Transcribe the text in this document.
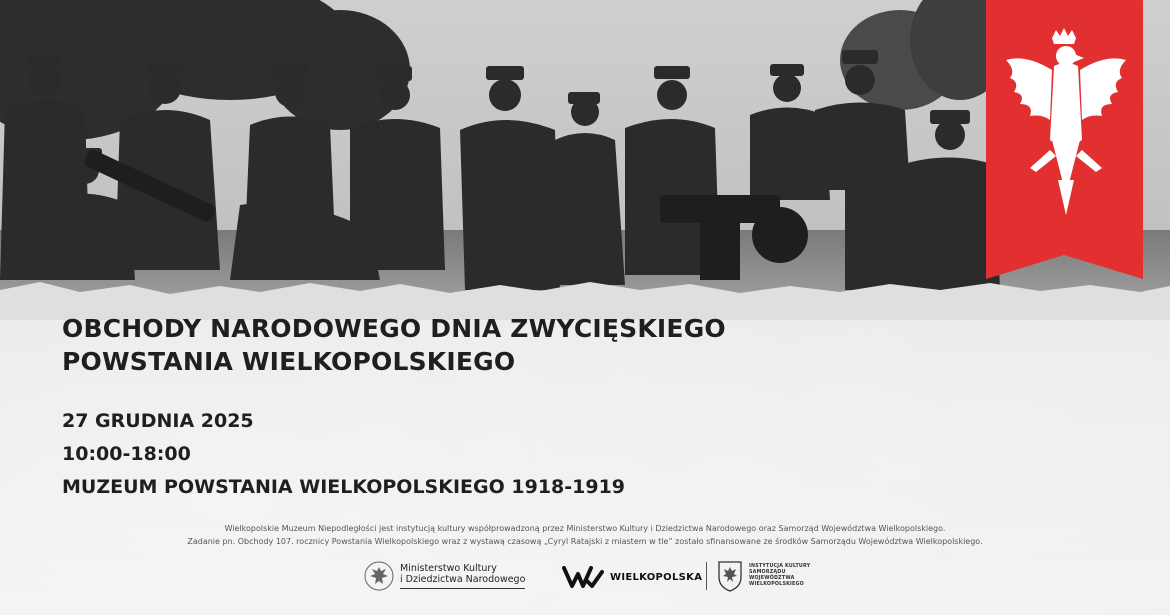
OBCHODY NARODOWEGO DNIA ZWYCIĘSKIEGO
POWSTANIA WIELKOPOLSKIEGO
27 GRUDNIA 2025
10:00-18:00
MUZEUM POWSTANIA WIELKOPOLSKIEGO 1918-1919
Wielkopolskie Muzeum Niepodległości jest instytucją kultury współprowadzoną przez Ministerstwo Kultury i Dziedzictwa Narodowego oraz Samorząd Województwa Wielkopolskiego.
Zadanie pn. Obchody 107. rocznicy Powstania Wielkopolskiego wraz z wystawą czasową „Cyryl Ratajski z miastem w tle” zostało sfinansowane ze środków Samorządu Województwa Wielkopolskiego.
Ministerstwo Kultury
i Dziedzictwa Narodowego	WIELKOPOLSKA
INSTYTUCJA KULTURY
SAMORZĄDU
WOJEWÓDZTWA
WIELKOPOLSKIEGO
